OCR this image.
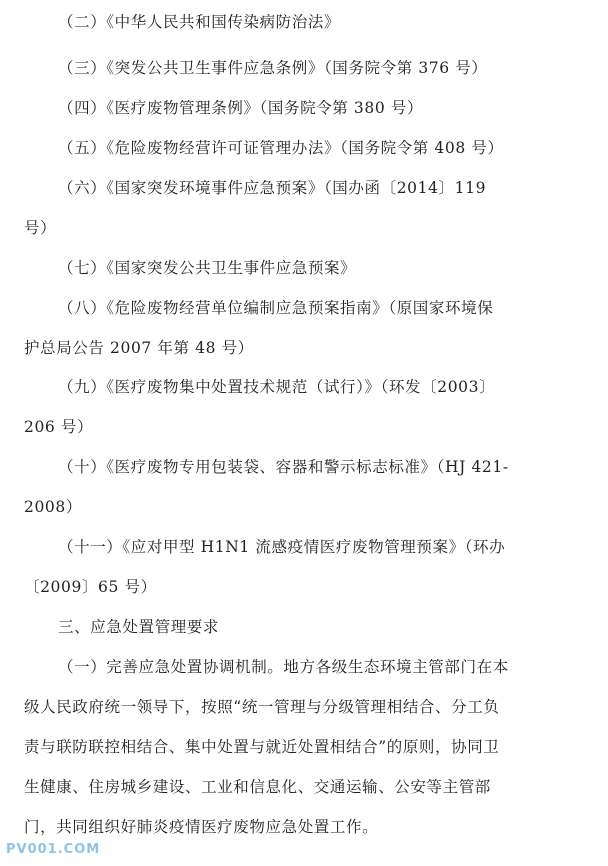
（二）《中华人民共和国传染病防治法》
（三）《突发公共卫生事件应急条例》（国务院令第 376 号）
（四）《医疗废物管理条例》（国务院令第 380 号）
（五）《危险废物经营许可证管理办法》（国务院令第 408 号）
（六）《国家突发环境事件应急预案》（国办函〔2014〕119
号）
（七）《国家突发公共卫生事件应急预案》
（八）《危险废物经营单位编制应急预案指南》（原国家环境保
护总局公告 2007 年第 48 号）
（九）《医疗废物集中处置技术规范（试行）》（环发〔2003〕
206 号）
（十）《医疗废物专用包装袋、容器和警示标志标准》（HJ 421-
2008）
（十一）《应对甲型 H1N1 流感疫情医疗废物管理预案》（环办
〔2009〕65 号）
三、应急处置管理要求
（一）完善应急处置协调机制。地方各级生态环境主管部门在本
级人民政府统一领导下，按照“统一管理与分级管理相结合、分工负
责与联防联控相结合、集中处置与就近处置相结合”的原则，协同卫
生健康、住房城乡建设、工业和信息化、交通运输、公安等主管部
门，共同组织好肺炎疫情医疗废物应急处置工作。
PV001.COM
